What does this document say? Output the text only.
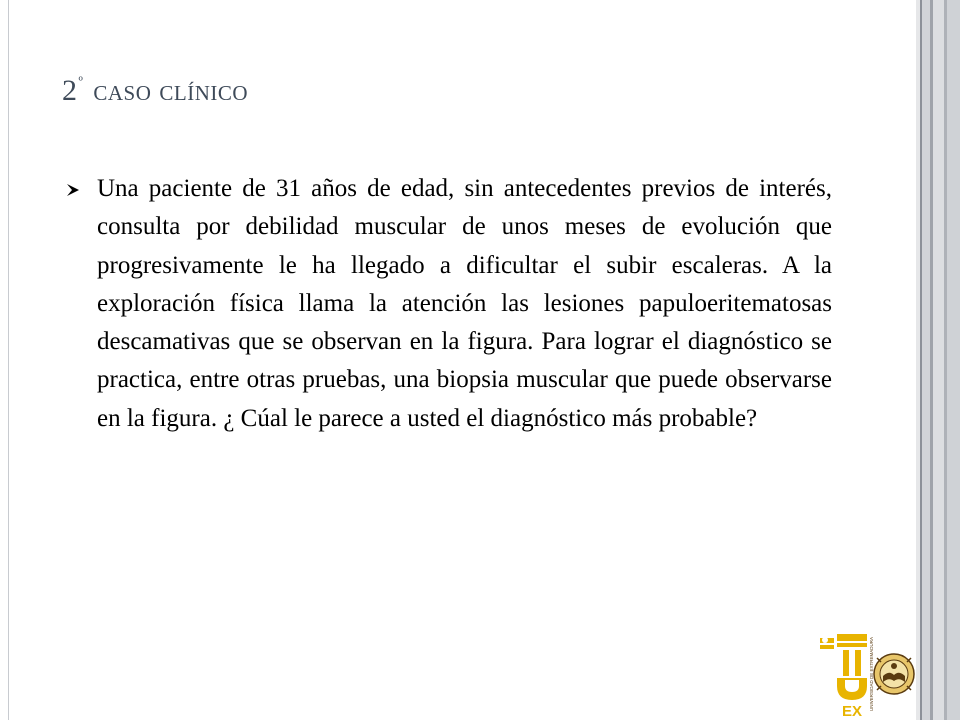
$2^º$ caso clínico

Una paciente de 31 años de edad, sin antecedentes previos de interés, consulta por debilidad muscular de unos meses de evolución que progresivamente le ha llegado a dificultar el subir escaleras. A la exploración física llama la atención las lesiones papuloeritematosas descamativas que se observan en la figura. Para lograr el diagnóstico se practica, entre otras pruebas, una biopsia muscular que puede observarse en la figura. ¿ Cúal le parece a usted el diagnóstico más probable?

EX
UNIVERSIDAD DE EXTREMADURA
